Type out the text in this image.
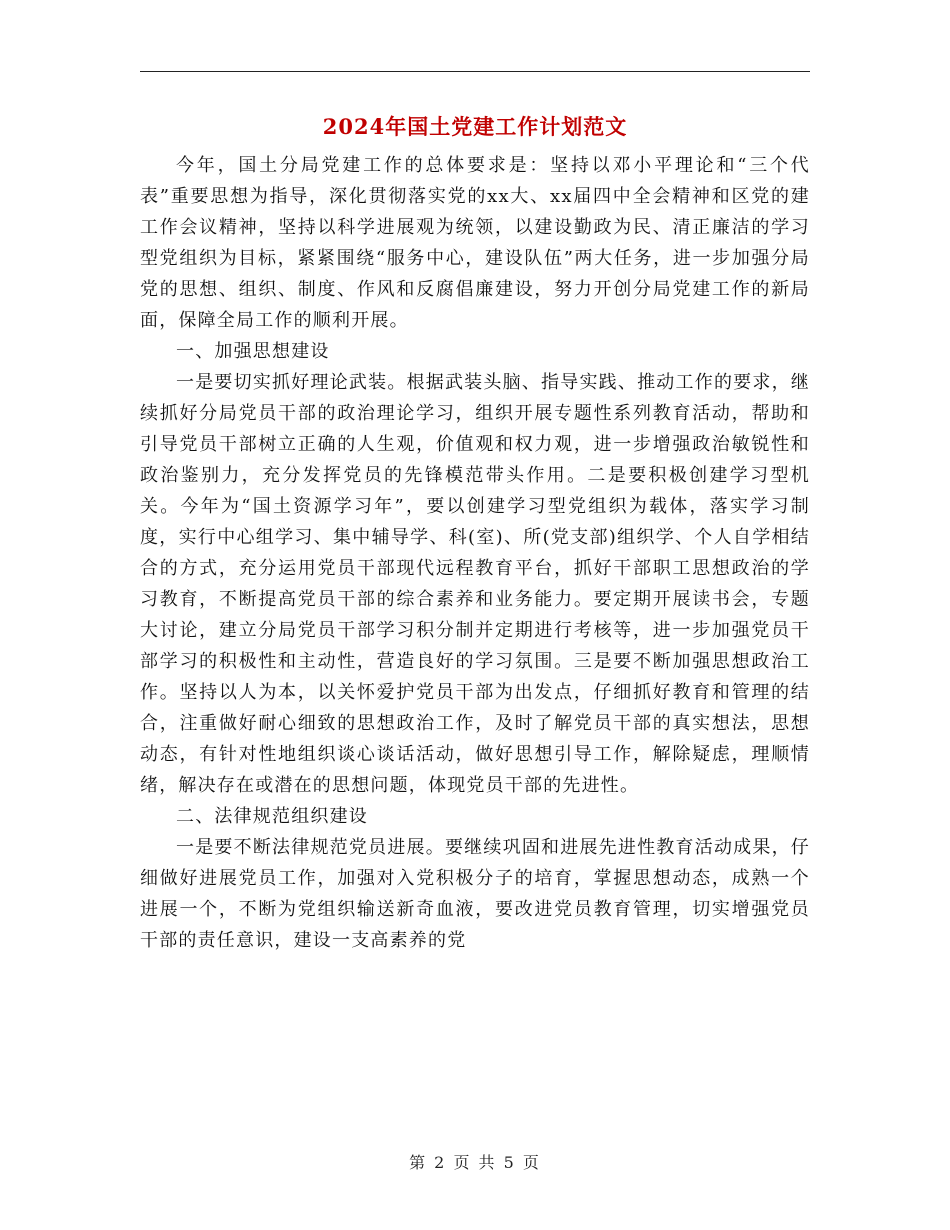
2024年国土党建工作计划范文

今年，国土分局党建工作的总体要求是：坚持以邓小平理论和“三个代表”重要思想为指导，深化贯彻落实党的xx大、xx届四中全会精神和区党的建工作会议精神，坚持以科学进展观为统领，以建设勤政为民、清正廉洁的学习型党组织为目标，紧紧围绕“服务中心，建设队伍”两大任务，进一步加强分局党的思想、组织、制度、作风和反腐倡廉建设，努力开创分局党建工作的新局面，保障全局工作的顺利开展。

一、加强思想建设

一是要切实抓好理论武装。根据武装头脑、指导实践、推动工作的要求，继续抓好分局党员干部的政治理论学习，组织开展专题性系列教育活动，帮助和引导党员干部树立正确的人生观，价值观和权力观，进一步增强政治敏锐性和政治鉴别力，充分发挥党员的先锋模范带头作用。二是要积极创建学习型机关。今年为“国土资源学习年”，要以创建学习型党组织为载体，落实学习制度，实行中心组学习、集中辅导学、科(室)、所(党支部)组织学、个人自学相结合的方式，充分运用党员干部现代远程教育平台，抓好干部职工思想政治的学习教育，不断提高党员干部的综合素养和业务能力。要定期开展读书会，专题大讨论，建立分局党员干部学习积分制并定期进行考核等，进一步加强党员干部学习的积极性和主动性，营造良好的学习氛围。三是要不断加强思想政治工作。坚持以人为本，以关怀爱护党员干部为出发点，仔细抓好教育和管理的结合，注重做好耐心细致的思想政治工作，及时了解党员干部的真实想法，思想动态，有针对性地组织谈心谈话活动，做好思想引导工作，解除疑虑，理顺情绪，解决存在或潜在的思想问题，体现党员干部的先进性。

二、法律规范组织建设

一是要不断法律规范党员进展。要继续巩固和进展先进性教育活动成果，仔细做好进展党员工作，加强对入党积极分子的培育，掌握思想动态，成熟一个进展一个，不断为党组织输送新奇血液，要改进党员教育管理，切实增强党员干部的责任意识，建设一支高素养的党

第 2 页 共 5 页
